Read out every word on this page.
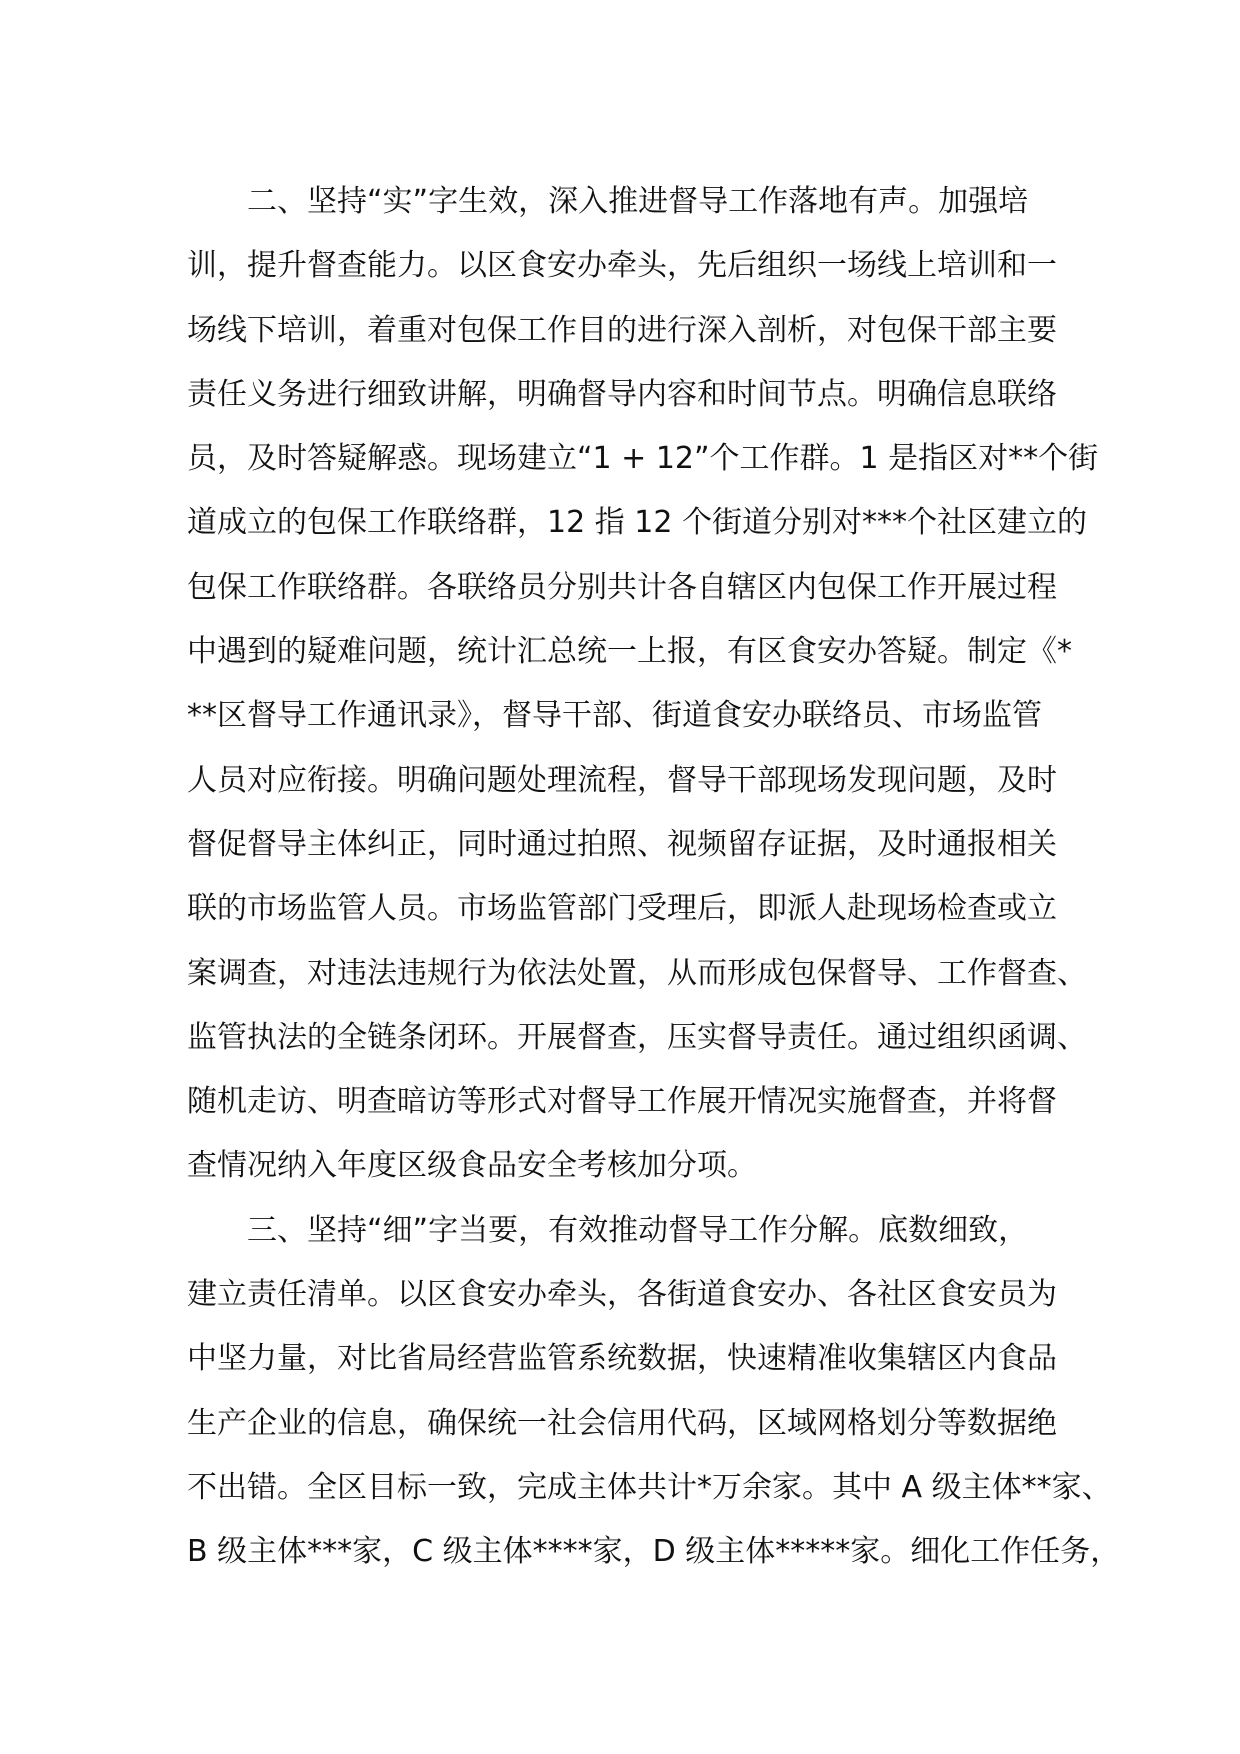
二、坚持“实”字生效，深入推进督导工作落地有声。加强培
训，提升督查能力。以区食安办牵头，先后组织一场线上培训和一
场线下培训，着重对包保工作目的进行深入剖析，对包保干部主要
责任义务进行细致讲解，明确督导内容和时间节点。明确信息联络
员，及时答疑解惑。现场建立“1 + 12”个工作群。1 是指区对**个街
道成立的包保工作联络群，12 指 12 个街道分别对***个社区建立的
包保工作联络群。各联络员分别共计各自辖区内包保工作开展过程
中遇到的疑难问题，统计汇总统一上报，有区食安办答疑。制定《*
**区督导工作通讯录》，督导干部、街道食安办联络员、市场监管
人员对应衔接。明确问题处理流程，督导干部现场发现问题，及时
督促督导主体纠正，同时通过拍照、视频留存证据，及时通报相关
联的市场监管人员。市场监管部门受理后，即派人赴现场检查或立
案调查，对违法违规行为依法处置，从而形成包保督导、工作督查、
监管执法的全链条闭环。开展督查，压实督导责任。通过组织函调、
随机走访、明查暗访等形式对督导工作展开情况实施督查，并将督
查情况纳入年度区级食品安全考核加分项。
三、坚持“细”字当要，有效推动督导工作分解。底数细致，
建立责任清单。以区食安办牵头，各街道食安办、各社区食安员为
中坚力量，对比省局经营监管系统数据，快速精准收集辖区内食品
生产企业的信息，确保统一社会信用代码，区域网格划分等数据绝
不出错。全区目标一致，完成主体共计*万余家。其中 A 级主体**家、
B 级主体***家，C 级主体****家，D 级主体*****家。细化工作任务，
